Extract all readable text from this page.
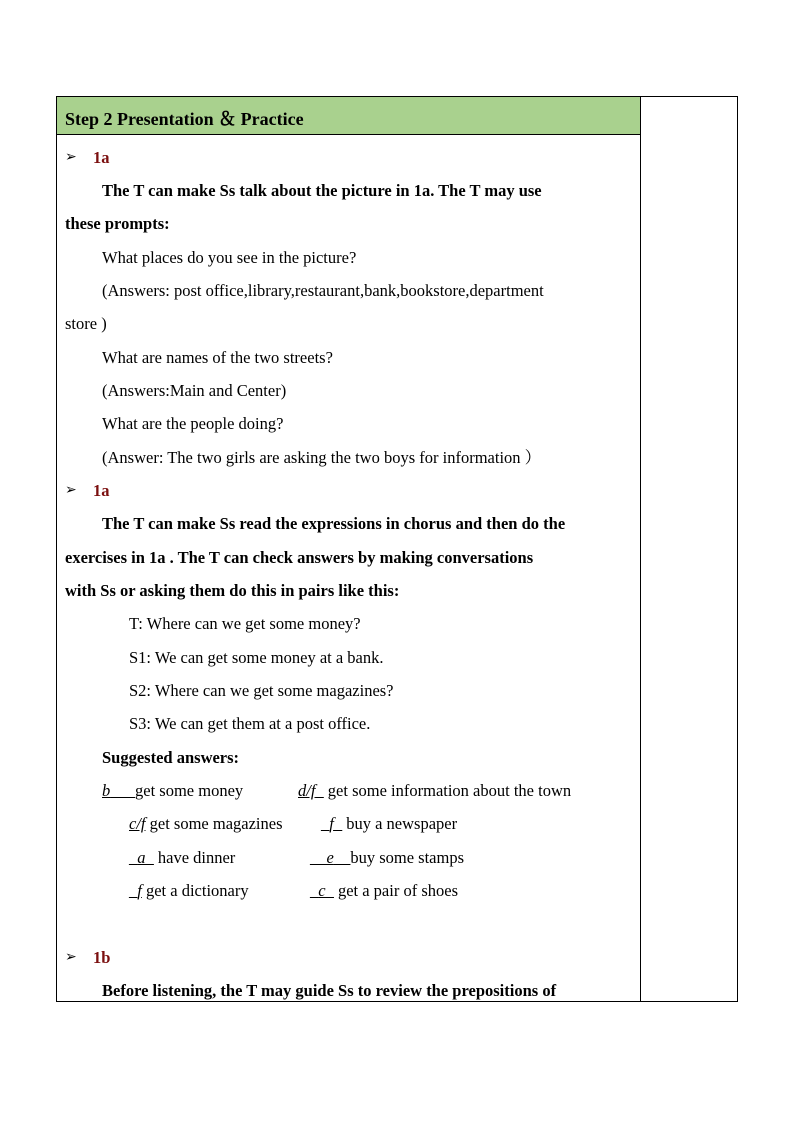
Step 2 Presentation ＆ Practice
➢ 1a
The T can make Ss talk about the picture in 1a. The T may use
these prompts:
What places do you see in the picture?
(Answers: post office,library,restaurant,bank,bookstore,department
store )
What are names of the two streets?
(Answers:Main and Center)
What are the people doing?
(Answer: The two girls are asking the two boys for information ）
➢ 1a
The T can make Ss read the expressions in chorus and then do the
exercises in 1a . The T can check answers by making conversations
with Ss or asking them do this in pairs like this:
T: Where can we get some money?
S1: We can get some money at a bank.
S2: Where can we get some magazines?
S3: We can get them at a post office.
Suggested answers:
b___get some money	d/f_ get some information about the town
c/f get some magazines _f_ buy a newspaper
_a_ have dinner	__e__buy some stamps
_f get a dictionary	_c_ get a pair of shoes
➢ 1b
Before listening, the T may guide Ss to review the prepositions of
